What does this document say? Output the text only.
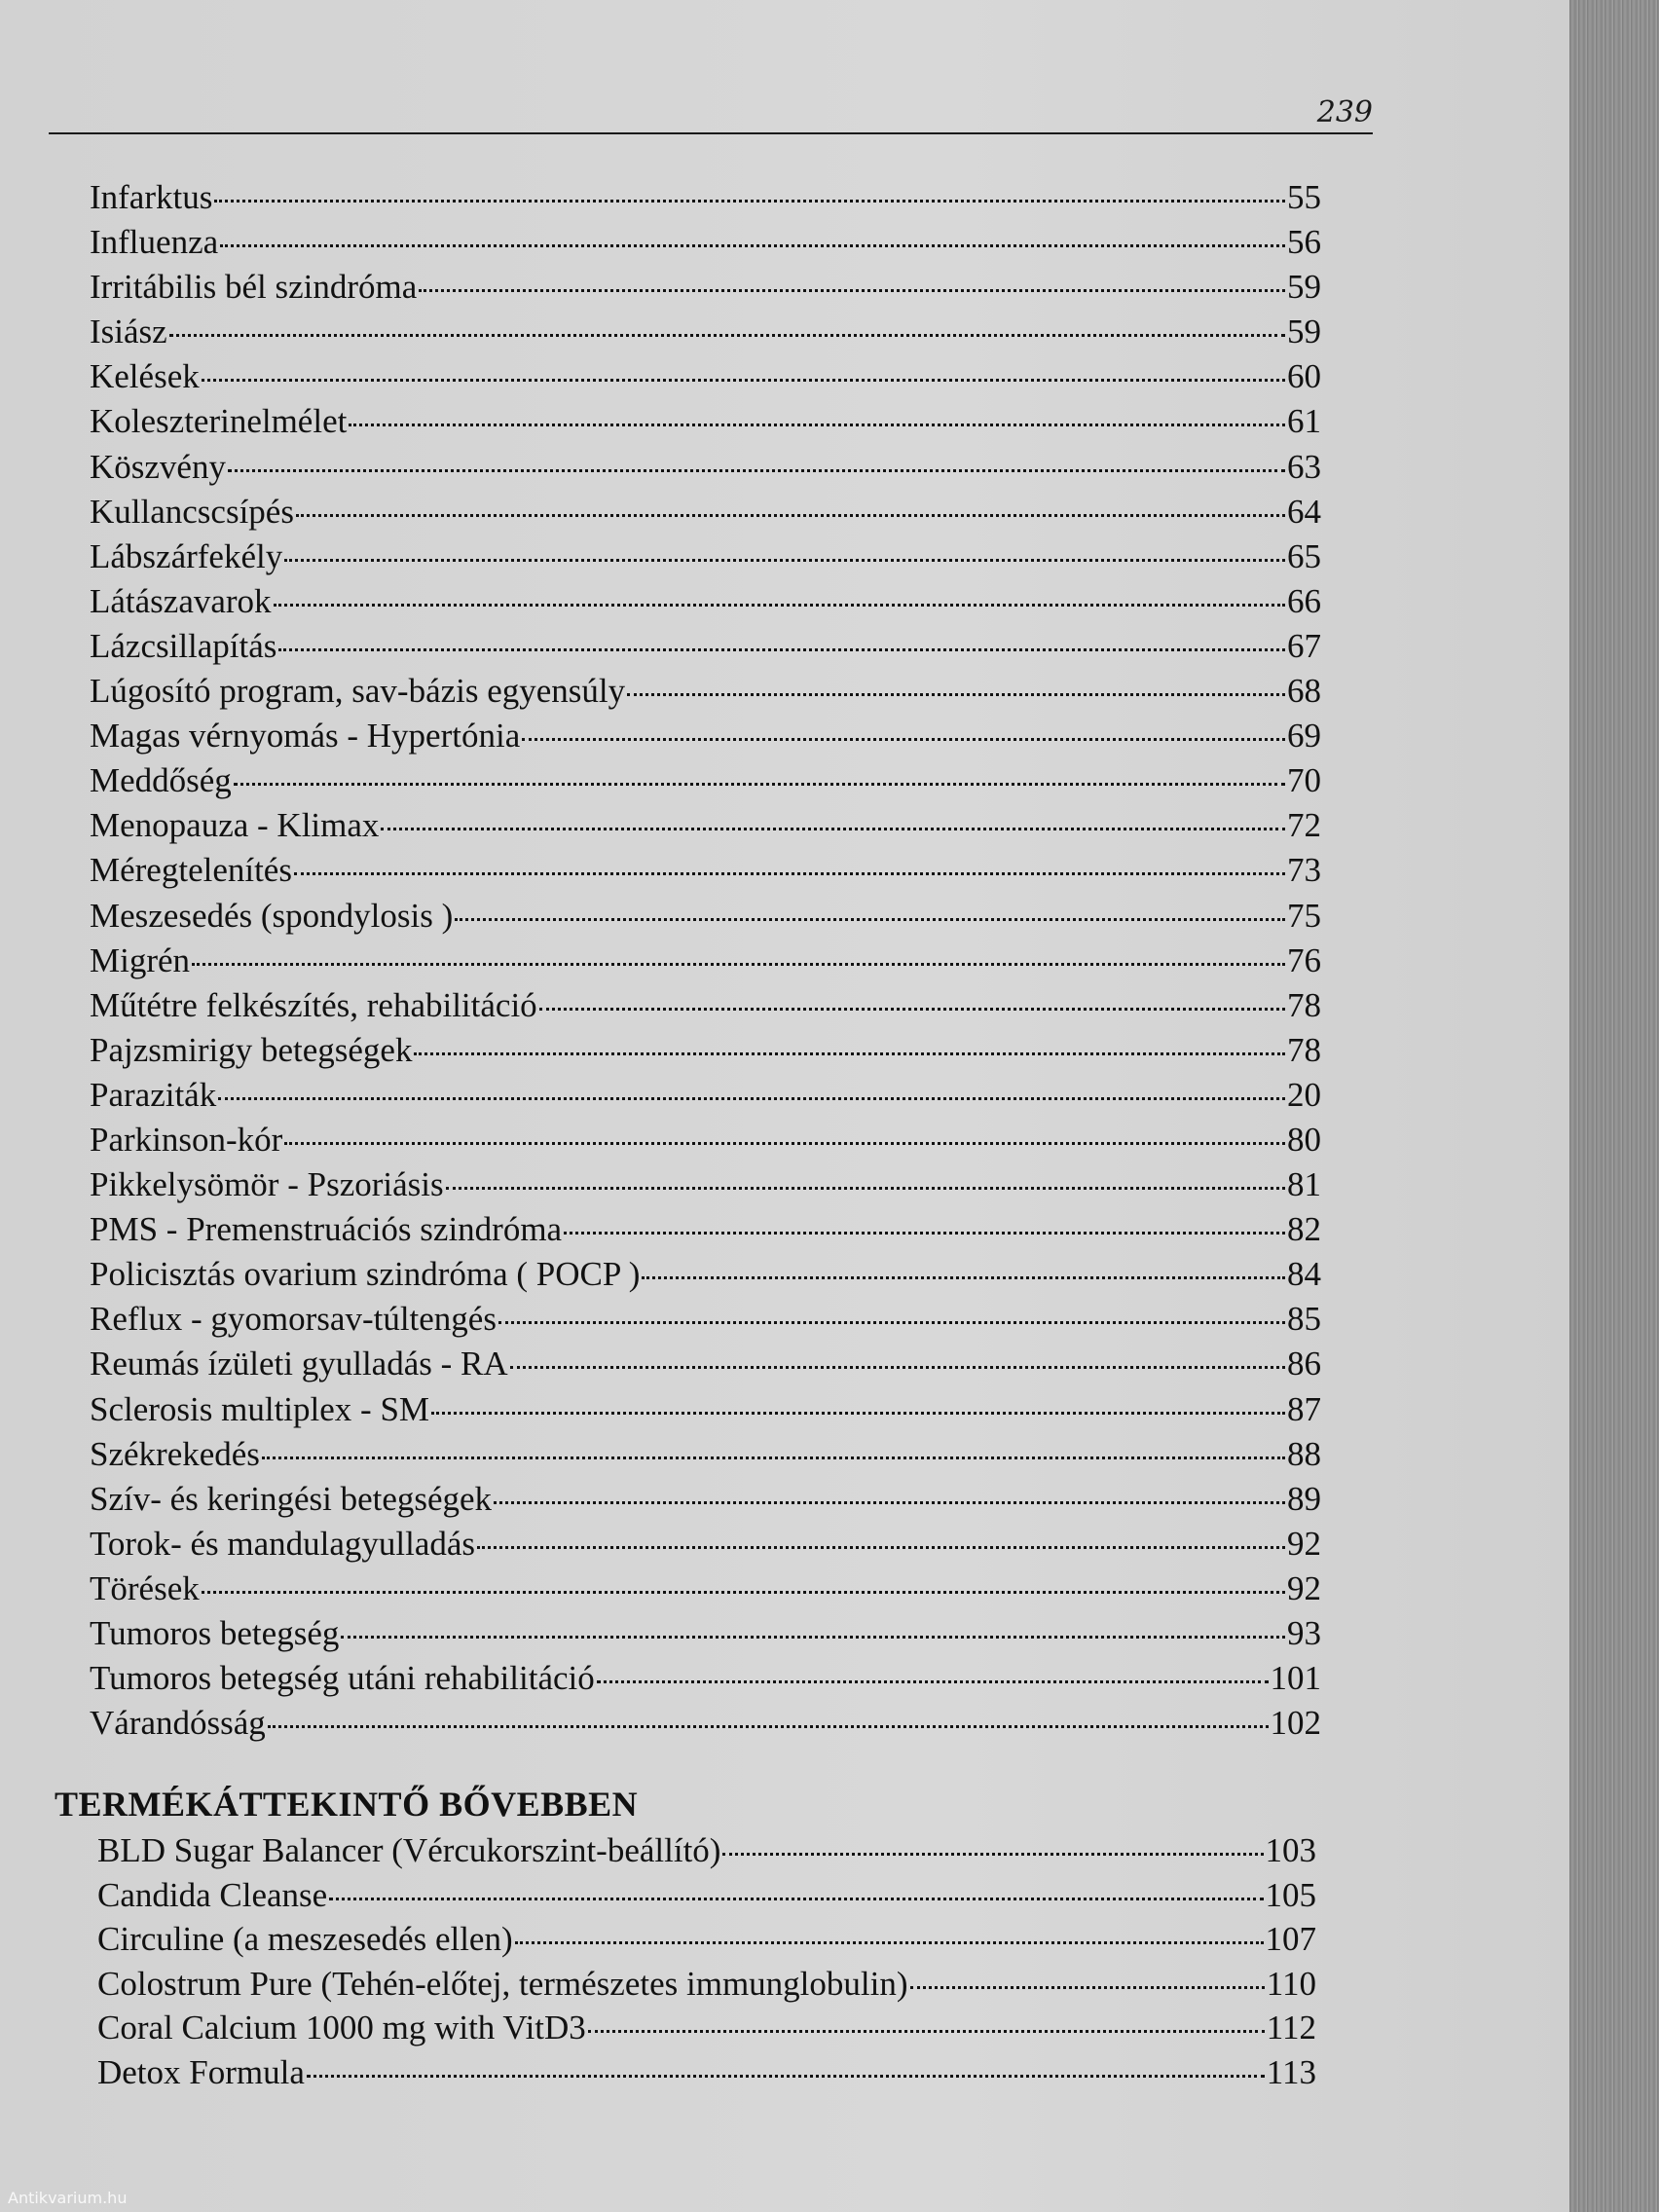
239
Infarktus	55
Influenza	56
Irritábilis bél szindróma	59
Isiász	59
Kelések	60
Koleszterinelmélet	61
Köszvény	63
Kullancscsípés	64
Lábszárfekély	65
Látászavarok	66
Lázcsillapítás	67
Lúgosító program, sav-bázis egyensúly	68
Magas vérnyomás - Hypertónia	69
Meddőség	70
Menopauza - Klimax	72
Méregtelenítés	73
Meszesedés (spondylosis )	75
Migrén	76
Műtétre felkészítés, rehabilitáció	78
Pajzsmirigy betegségek	78
Paraziták	20
Parkinson-kór	80
Pikkelysömör - Pszoriásis	81
PMS - Premenstruációs szindróma	82
Policisztás ovarium szindróma ( POCP )	84
Reflux - gyomorsav-túltengés	85
Reumás ízületi gyulladás - RA	86
Sclerosis multiplex - SM	87
Székrekedés	88
Szív- és keringési betegségek	89
Torok- és mandulagyulladás	92
Törések	92
Tumoros betegség	93
Tumoros betegség utáni rehabilitáció	101
Várandósság	102
TERMÉKÁTTEKINTŐ BŐVEBBEN
BLD Sugar Balancer (Vércukorszint-beállító)	103
Candida Cleanse	105
Circuline (a meszesedés ellen)	107
Colostrum Pure (Tehén-előtej, természetes immunglobulin)	110
Coral Calcium 1000 mg with VitD3	112
Detox Formula	113
Antikvarium.hu
